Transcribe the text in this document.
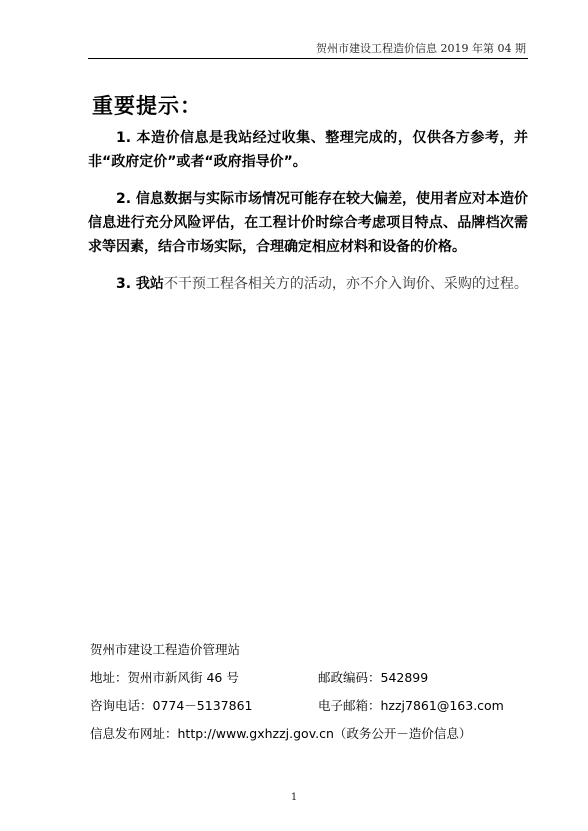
贺州市建设工程造价信息 2019 年第 04 期
重要提示：

1. 本造价信息是我站经过收集、整理完成的，仅供各方参考，并非“政府定价”或者“政府指导价”。

2. 信息数据与实际市场情况可能存在较大偏差，使用者应对本造价信息进行充分风险评估，在工程计价时综合考虑项目特点、品牌档次需求等因素，结合市场实际，合理确定相应材料和设备的价格。

3. 我站不干预工程各相关方的活动，亦不介入询价、采购的过程。

贺州市建设工程造价管理站
地址：贺州市新风街 46 号	邮政编码：542899
咨询电话：0774－5137861	电子邮箱：hzzj7861@163.com
信息发布网址：http://www.gxhzzj.gov.cn（政务公开－造价信息）
1
